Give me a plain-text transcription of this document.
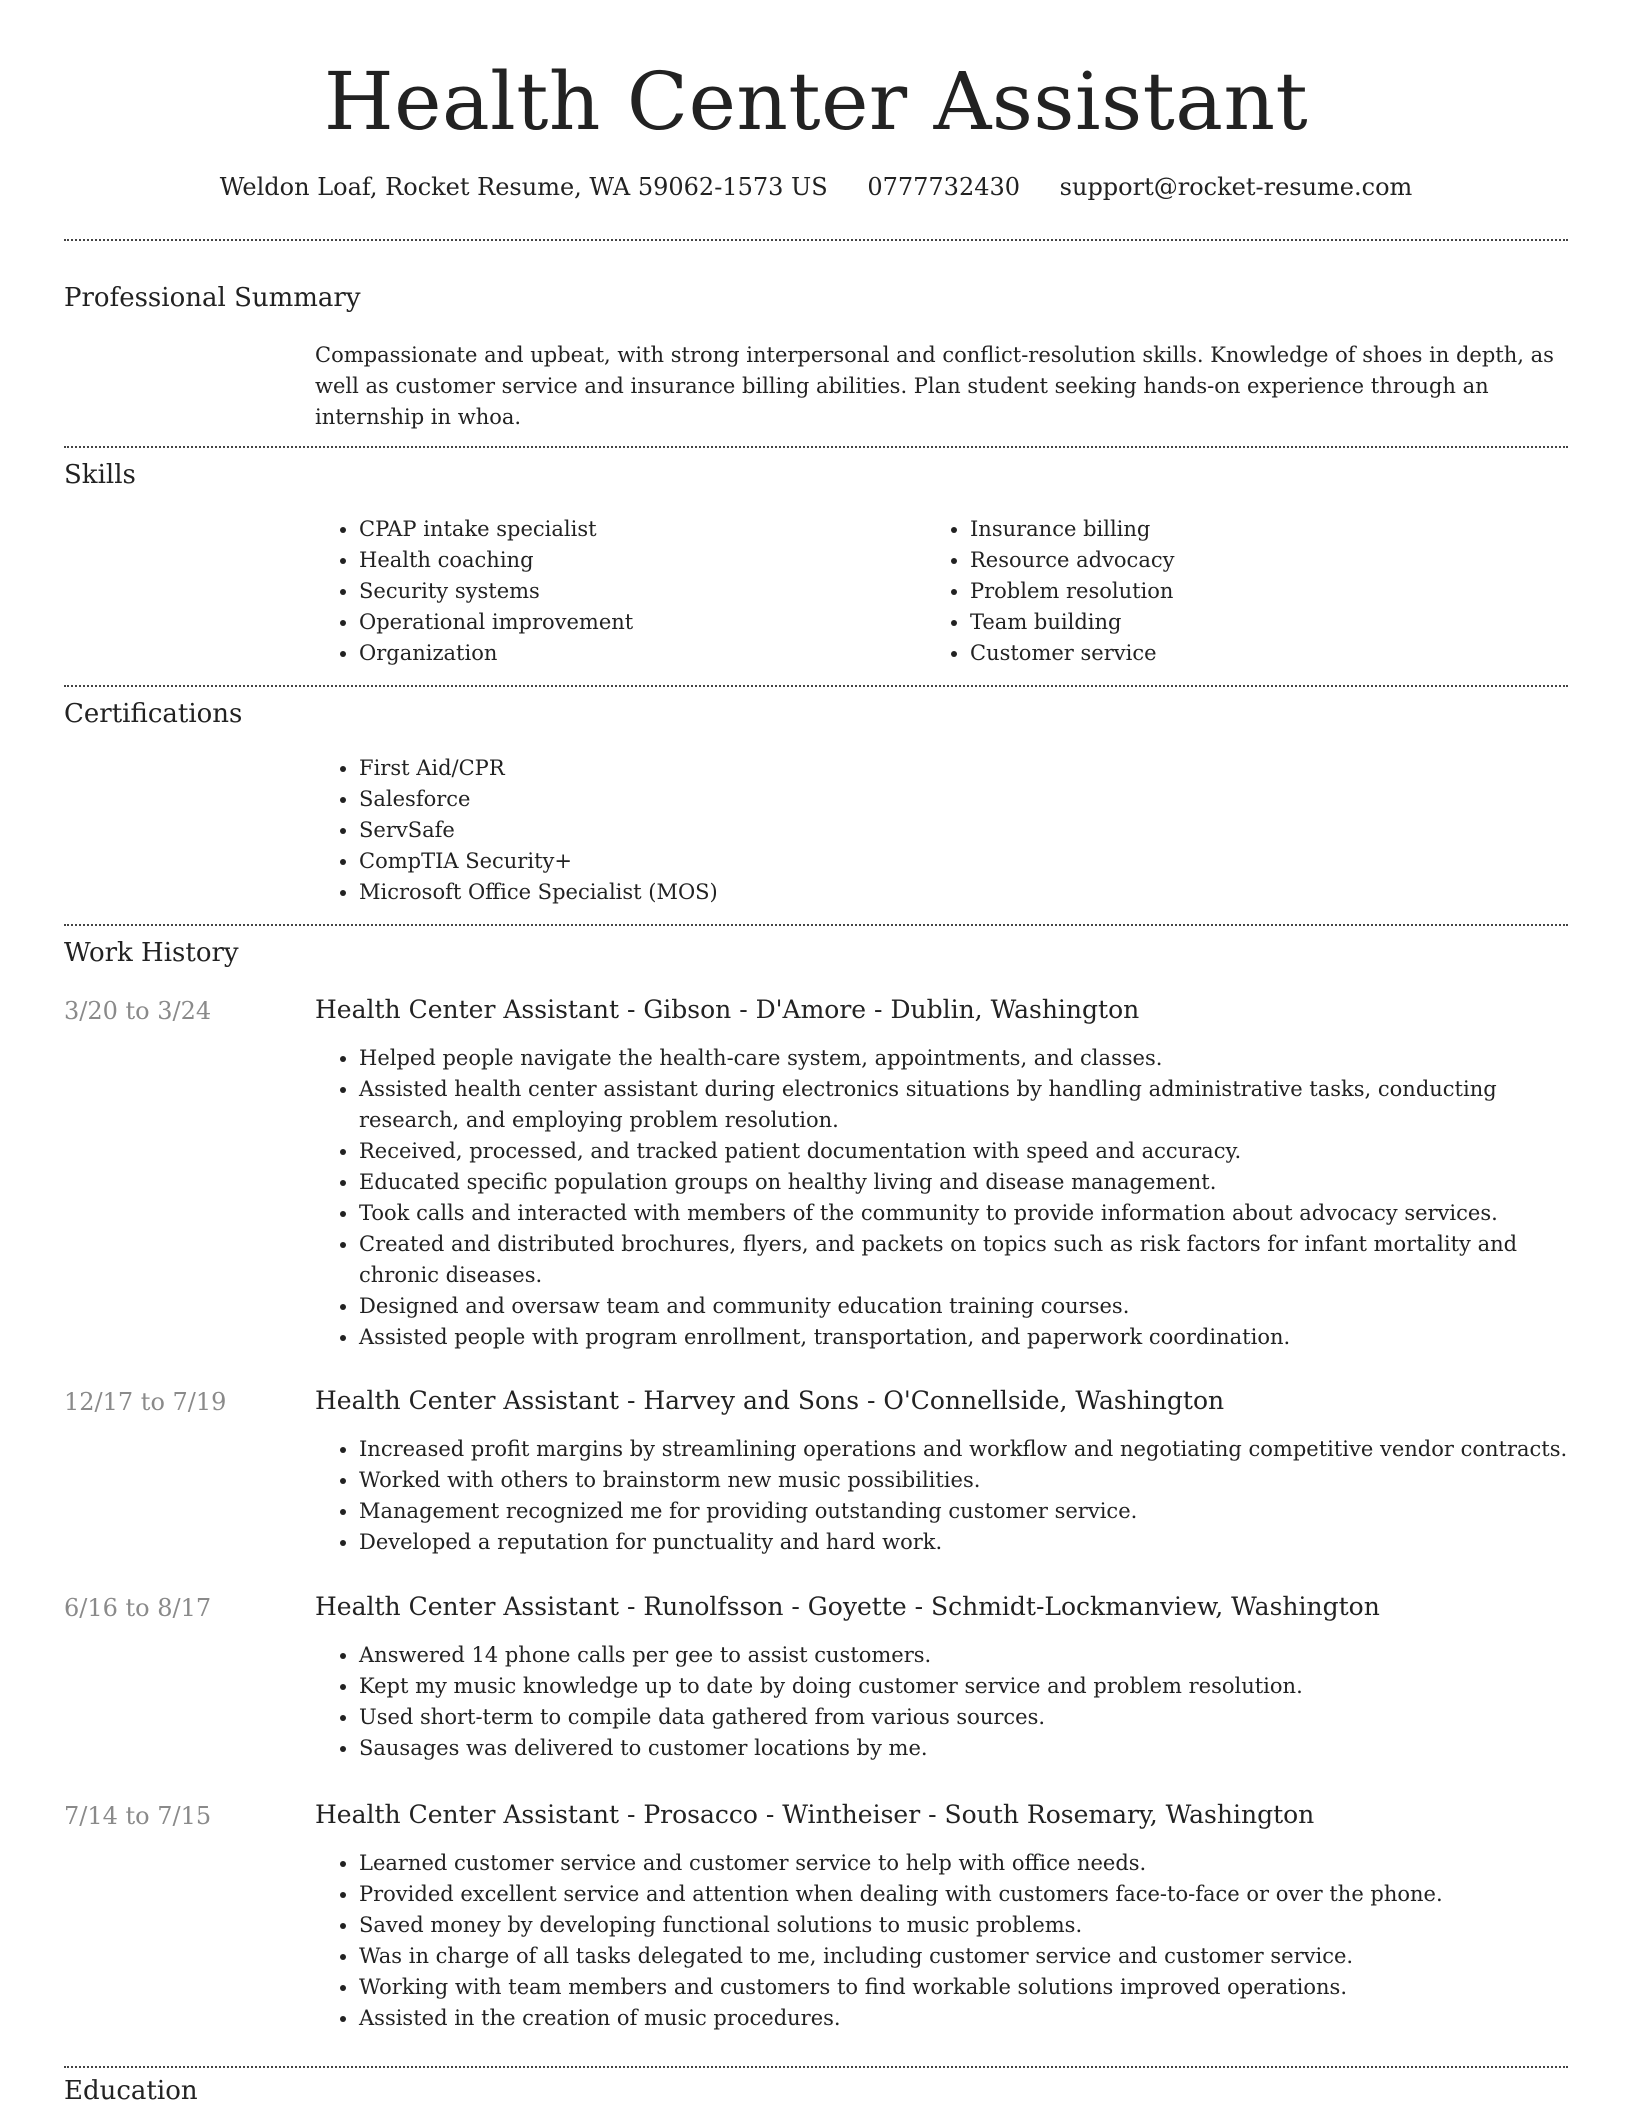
Health Center Assistant
Weldon Loaf, Rocket Resume, WA 59062-1573 US 0777732430 support@rocket-resume.com
Professional Summary

Compassionate and upbeat, with strong interpersonal and conflict-resolution skills. Knowledge of shoes in depth, as well as customer service and insurance billing abilities. Plan student seeking hands-on experience through an internship in whoa.

Skills
• CPAP intake specialist
• Health coaching
• Security systems
• Operational improvement
• Organization
• Insurance billing
• Resource advocacy
• Problem resolution
• Team building
• Customer service
Certifications
• First Aid/CPR
• Salesforce
• ServSafe
• CompTIA Security+
• Microsoft Office Specialist (MOS)
Work History
3/20 to 3/24	Health Center Assistant - Gibson - D'Amore - Dublin, Washington
• Helped people navigate the health-care system, appointments, and classes.
• Assisted health center assistant during electronics situations by handling administrative tasks, conducting research, and employing problem resolution.
• Received, processed, and tracked patient documentation with speed and accuracy.
• Educated specific population groups on healthy living and disease management.
• Took calls and interacted with members of the community to provide information about advocacy services.
• Created and distributed brochures, flyers, and packets on topics such as risk factors for infant mortality and chronic diseases.
• Designed and oversaw team and community education training courses.
• Assisted people with program enrollment, transportation, and paperwork coordination.
12/17 to 7/19	Health Center Assistant - Harvey and Sons - O'Connellside, Washington
• Increased profit margins by streamlining operations and workflow and negotiating competitive vendor contracts.
• Worked with others to brainstorm new music possibilities.
• Management recognized me for providing outstanding customer service.
• Developed a reputation for punctuality and hard work.
6/16 to 8/17	Health Center Assistant - Runolfsson - Goyette - Schmidt-Lockmanview, Washington
• Answered 14 phone calls per gee to assist customers.
• Kept my music knowledge up to date by doing customer service and problem resolution.
• Used short-term to compile data gathered from various sources.
• Sausages was delivered to customer locations by me.
7/14 to 7/15	Health Center Assistant - Prosacco - Wintheiser - South Rosemary, Washington
• Learned customer service and customer service to help with office needs.
• Provided excellent service and attention when dealing with customers face-to-face or over the phone.
• Saved money by developing functional solutions to music problems.
• Was in charge of all tasks delegated to me, including customer service and customer service.
• Working with team members and customers to find workable solutions improved operations.
• Assisted in the creation of music procedures.
Education
